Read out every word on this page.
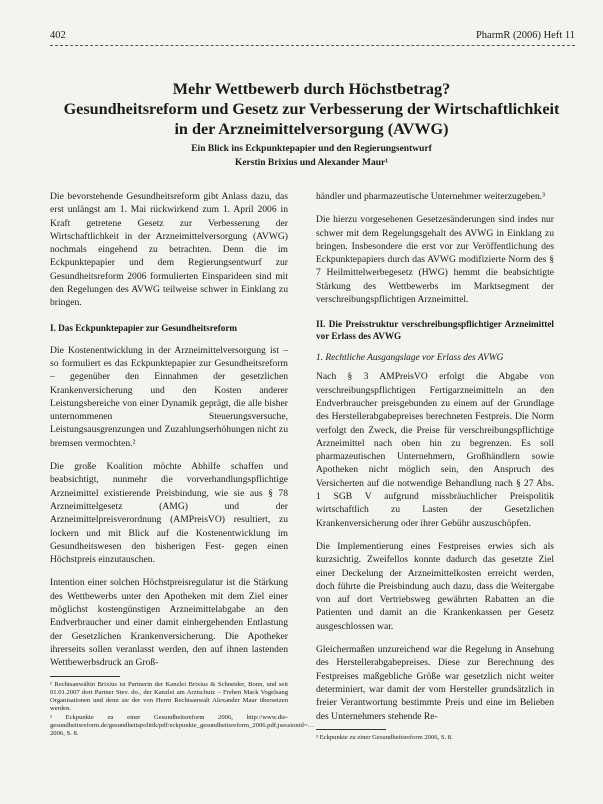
402	PharmR (2006) Heft 11
Mehr Wettbewerb durch Höchstbetrag?
Gesundheitsreform und Gesetz zur Verbesserung der Wirtschaftlichkeit
in der Arzneimittelversorgung (AVWG)
Ein Blick ins Eckpunktepapier und den Regierungsentwurf
Kerstin Brixius und Alexander Maur¹

Die bevorstehende Gesundheitsreform gibt Anlass dazu, das erst unlängst am 1. Mai rückwirkend zum 1. April 2006 in Kraft getretene Gesetz zur Verbesserung der Wirtschaftlichkeit in der Arzneimittelversorgung (AVWG) nochmals eingehend zu betrachten. Denn die im Eckpunktepapier und dem Regierungsentwurf zur Gesundheitsreform 2006 formulierten Einsparideen sind mit den Regelungen des AVWG teilweise schwer in Einklang zu bringen.

I. Das Eckpunktepapier zur Gesundheitsreform

Die Kostenentwicklung in der Arzneimittelversorgung ist – so formuliert es das Eckpunktepapier zur Gesundheitsreform – gegenüber den Einnahmen der gesetzlichen Krankenversicherung und den Kosten anderer Leistungsbereiche von einer Dynamik geprägt, die alle bisher unternommenen Steuerungsversuche, Leistungsausgrenzungen und Zuzahlungserhöhungen nicht zu bremsen vermochten.²

Die große Koalition möchte Abhilfe schaffen und beabsichtigt, nunmehr die vorverhandlungspflichtige Arzneimittel existierende Preisbindung, wie sie aus § 78 Arzneimittelgesetz (AMG) und der Arzneimittelpreisverordnung (AMPreisVO) resultiert, zu lockern und mit Blick auf die Kostenentwicklung im Gesundheitswesen den bisherigen Fest- gegen einen Höchstpreis einzutauschen.

Intention einer solchen Höchstpreisregulatur ist die Stärkung des Wettbewerbs unter den Apotheken mit dem Ziel einer möglichst kostengünstigen Arzneimittelabgabe an den Endverbraucher und einer damit einhergehenden Entlastung der Gesetzlichen Krankenversicherung. Die Apotheker ihrerseits sollen veranlasst werden, den auf ihnen lastenden Wettbewerbsdruck an Groß-

¹ Rechtsanwältin Brixius ist Partnerin der Kanzlei Brixius & Schneider, Bonn, und seit 01.01.2007 dort Partner Stev. do., der Kanzlei am Arztschutz – Frehen Mack Vogelsang Organisationen und denn sie der von Herrn Rechtsanwalt Alexander Maur übersetzen werden.
² Eckpunkte zu einer Gesundheitsreform 2006, http://www.die-gesundheitsreform.de/gesundheitspolitik/pdf/eckpunkte_gesundheitsreform_2006.pdf;jsessionid=…2006, S. 8.

händler und pharmazeutische Unternehmer weiterzugeben.³

Die hierzu vorgesehenen Gesetzesänderungen sind indes nur schwer mit dem Regelungsgehalt des AVWG in Einklang zu bringen. Insbesondere die erst vor zur Veröffentlichung des Eckpunktepapiers durch das AVWG modifizierte Norm des § 7 Heilmittelwerbegesetz (HWG) hemmt die beabsichtigte Stärkung des Wettbewerbs im Marktsegment der verschreibungspflichtigen Arzneimittel.

II. Die Preisstruktur verschreibungspflichtiger Arzneimittel vor Erlass des AVWG
1. Rechtliche Ausgangslage vor Erlass des AVWG

Nach § 3 AMPreisVO erfolgt die Abgabe von verschreibungspflichtigen Fertigarzneimitteln an den Endverbraucher preisgebunden zu einem auf der Grundlage des Herstellerabgabepreises berechneten Festpreis. Die Norm verfolgt den Zweck, die Preise für verschreibungspflichtige Arzneimittel nach oben hin zu begrenzen. Es soll pharmazeutischen Unternehmern, Großhändlern sowie Apotheken nicht möglich sein, den Anspruch des Versicherten auf die notwendige Behandlung nach § 27 Abs. 1 SGB V aufgrund missbräuchlicher Preispolitik wirtschaftlich zu Lasten der Gesetzlichen Krankenversicherung oder ihrer Gebühr auszuschöpfen.

Die Implementierung eines Festpreises erwies sich als kurzsichtig. Zweifellos konnte dadurch das gesetzte Ziel einer Deckelung der Arzneimittelkosten erreicht werden, doch führte die Preisbindung auch dazu, dass die Weitergabe von auf dort Vertriebsweg gewährten Rabatten an die Patienten und damit an die Krankenkassen per Gesetz ausgeschlossen war.

Gleichermaßen unzureichend war die Regelung in Ansehung des Herstellerabgabepreises. Diese zur Berechnung des Festpreises maßgebliche Größe war gesetzlich nicht weiter determiniert, war damit der vom Hersteller grundsätzlich in freier Verantwortung bestimmte Preis und eine im Belieben des Unternehmers stehende Re-

³ Eckpunkte zu einer Gesundheitsreform 2006, S. 8.
